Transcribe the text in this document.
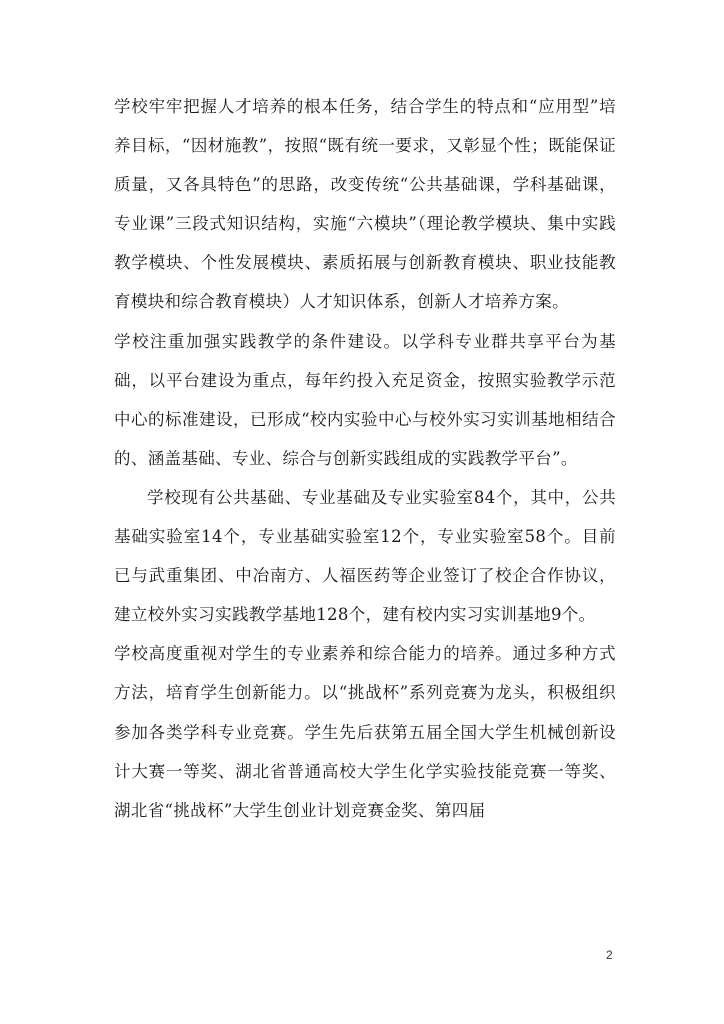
学校牢牢把握人才培养的根本任务，结合学生的特点和“应用型”培养目标，“因材施教”，按照“既有统一要求，又彰显个性；既能保证质量，又各具特色”的思路，改变传统“公共基础课，学科基础课，专业课”三段式知识结构，实施“六模块”（理论教学模块、集中实践教学模块、个性发展模块、素质拓展与创新教育模块、职业技能教育模块和综合教育模块）人才知识体系，创新人才培养方案。

学校注重加强实践教学的条件建设。以学科专业群共享平台为基础，以平台建设为重点，每年约投入充足资金，按照实验教学示范中心的标准建设，已形成“校内实验中心与校外实习实训基地相结合的、涵盖基础、专业、综合与创新实践组成的实践教学平台”。

学校现有公共基础、专业基础及专业实验室84个，其中，公共基础实验室14个，专业基础实验室12个，专业实验室58个。目前已与武重集团、中冶南方、人福医药等企业签订了校企合作协议，建立校外实习实践教学基地128个，建有校内实习实训基地9个。

学校高度重视对学生的专业素养和综合能力的培养。通过多种方式方法，培育学生创新能力。以“挑战杯”系列竞赛为龙头，积极组织参加各类学科专业竞赛。学生先后获第五届全国大学生机械创新设计大赛一等奖、湖北省普通高校大学生化学实验技能竞赛一等奖、湖北省“挑战杯”大学生创业计划竞赛金奖、第四届

2
